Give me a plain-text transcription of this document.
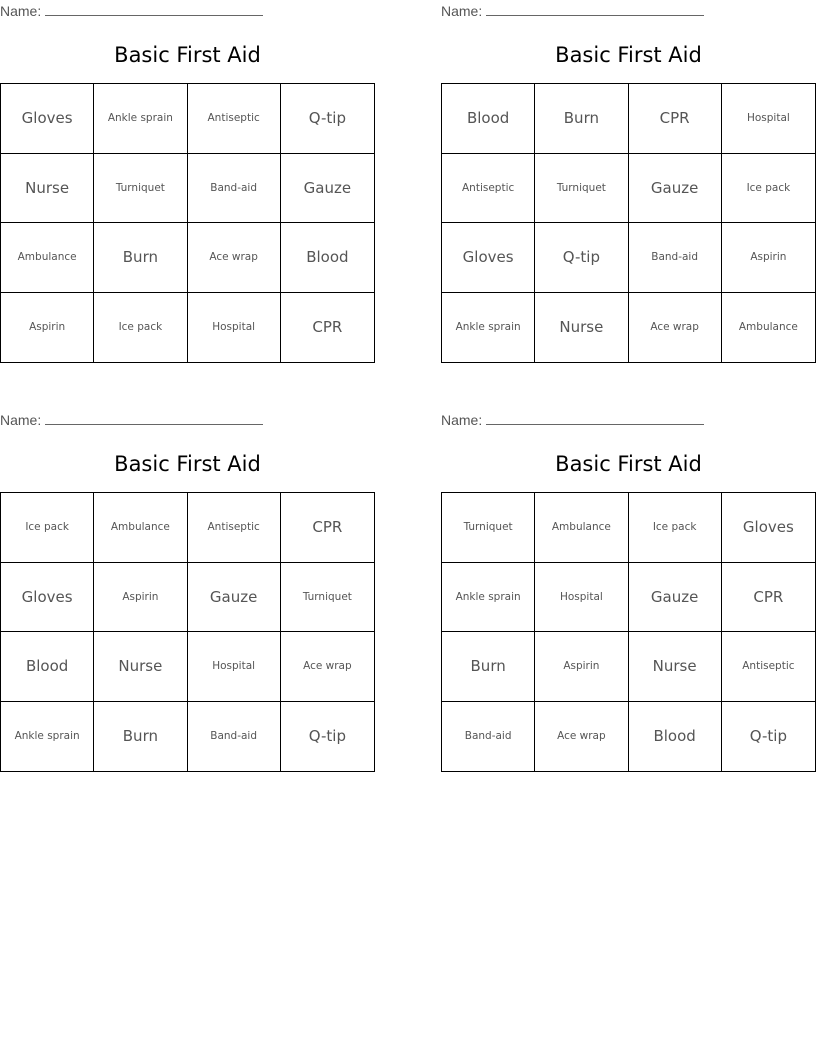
Name:
Basic First Aid
Gloves	Ankle sprain	Antiseptic	Q-tip
Nurse	Turniquet	Band-aid	Gauze
Ambulance	Burn	Ace wrap	Blood
Aspirin	Ice pack	Hospital	CPR
Name:
Basic First Aid
Blood	Burn	CPR	Hospital
Antiseptic	Turniquet	Gauze	Ice pack
Gloves	Q-tip	Band-aid	Aspirin
Ankle sprain	Nurse	Ace wrap	Ambulance
Name:
Basic First Aid
Ice pack	Ambulance	Antiseptic	CPR
Gloves	Aspirin	Gauze	Turniquet
Blood	Nurse	Hospital	Ace wrap
Ankle sprain	Burn	Band-aid	Q-tip
Name:
Basic First Aid
Turniquet	Ambulance	Ice pack	Gloves
Ankle sprain	Hospital	Gauze	CPR
Burn	Aspirin	Nurse	Antiseptic
Band-aid	Ace wrap	Blood	Q-tip
